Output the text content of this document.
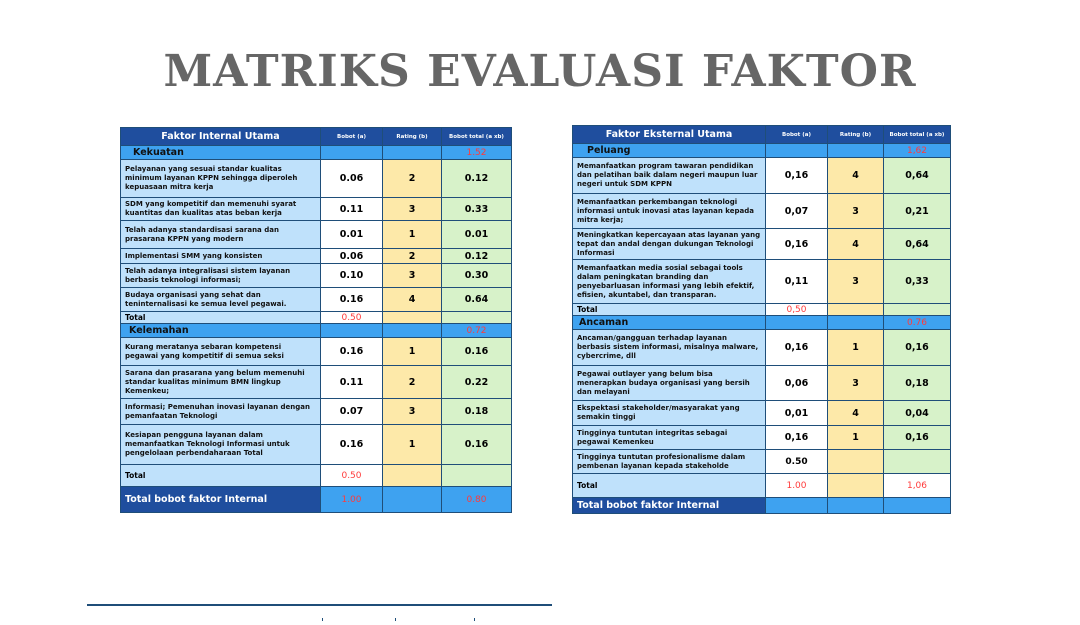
MATRIKS EVALUASI FAKTOR
Faktor Internal Utama	Bobot (a)	Rating (b)	Bobot total (a xb)
Kekuatan			1.52
Pelayanan yang sesuai standar kualitas minimum layanan KPPN sehingga diperoleh kepuasaan mitra kerja	0.06	2	0.12
SDM yang kompetitif dan memenuhi syarat kuantitas dan kualitas atas beban kerja	0.11	3	0.33
Telah adanya standardisasi sarana dan prasarana KPPN yang modern	0.01	1	0.01
Implementasi SMM yang konsisten	0.06	2	0.12
Telah adanya integralisasi sistem layanan berbasis teknologi informasi;	0.10	3	0.30
Budaya organisasi yang sehat dan teninternalisasi ke semua level pegawai.	0.16	4	0.64
Total	0.50		
Kelemahan			0.72
Kurang meratanya sebaran kompetensi pegawai yang kompetitif di semua seksi	0.16	1	0.16
Sarana dan prasarana yang belum memenuhi standar kualitas minimum BMN lingkup Kemenkeu;	0.11	2	0.22
Informasi; Pemenuhan inovasi layanan dengan pemanfaatan Teknologi	0.07	3	0.18
Kesiapan pengguna layanan dalam memanfaatkan Teknologi Informasi untuk pengelolaan perbendaharaan Total	0.16	1	0.16
Total	0.50		
Total bobot faktor Internal	1.00		0.80
Faktor Eksternal Utama	Bobot (a)	Rating (b)	Bobot total (a xb)
Peluang			1,62
Memanfaatkan program tawaran pendidikan dan pelatihan baik dalam negeri maupun luar negeri untuk SDM KPPN	0,16	4	0,64
Memanfaatkan perkembangan teknologi informasi untuk inovasi atas layanan kepada mitra kerja;	0,07	3	0,21
Meningkatkan kepercayaan atas layanan yang tepat dan andal dengan dukungan Teknologi Informasi	0,16	4	0,64
Memanfaatkan media sosial sebagai tools dalam peningkatan branding dan penyebarluasan informasi yang lebih efektif, efisien, akuntabel, dan transparan.	0,11	3	0,33
Total	0,50		
Ancaman			0.76
Ancaman/gangguan terhadap layanan berbasis sistem informasi, misalnya malware, cybercrime, dll	0,16	1	0,16
Pegawai outlayer yang belum bisa menerapkan budaya organisasi yang bersih dan melayani	0,06	3	0,18
Ekspektasi stakeholder/masyarakat yang semakin tinggi	0,01	4	0,04
Tingginya tuntutan integritas sebagai pegawai Kemenkeu	0,16	1	0,16
Tingginya tuntutan profesionalisme dalam pembenan layanan kepada stakeholde	0.50		
Total	1.00		1,06
Total bobot faktor Internal			
